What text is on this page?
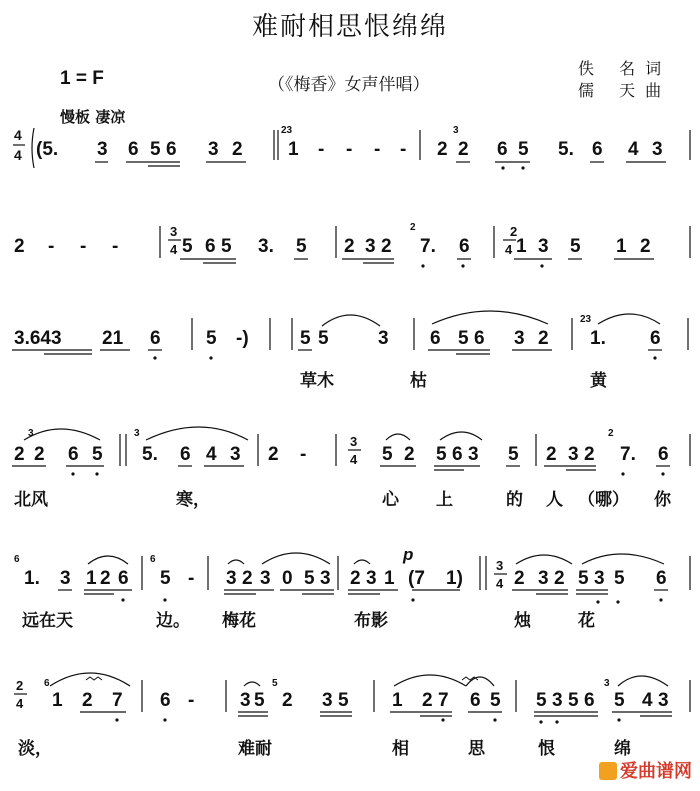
难耐相思恨绵绵
1 = F	（《梅香》女声伴唱）
佚 名词
儒 天曲
慢板 凄凉
4
4 (5. 3 6 5 6 3 2 1 - - - - 2 2 6 5 5. 6 4 3
23	3
2 - - -	5 6 5 3. 5 2 3 2 7. 6 1 3 5 1 2
3
4
2
4
2
3.643 21 6 5 -)	5 5	3 6 5 6 3 2 1. 6
23
草木	枯	黄
2 2 6 5 5. 6 4 3 2 -	5 2 5 6 3 5 2 3 2 7. 6
3
4
3	3	2
北风	寒，	心 上	的 人 （哪） 你
1. 3 1 2 6 5 - 3 2 3 0 5 3 2 3 1 (7 1)	2 3 2 5 3 5 6
6	6	p
3
4
远在天	边。 梅花	布影	烛	花
2
4 1 2 7 6 - 3 5 2 3 5 1 2 7 6 5 5 3 5 6 5 4 3
6	5	3
淡，	难耐	相	思	恨	绵
爱曲谱网
